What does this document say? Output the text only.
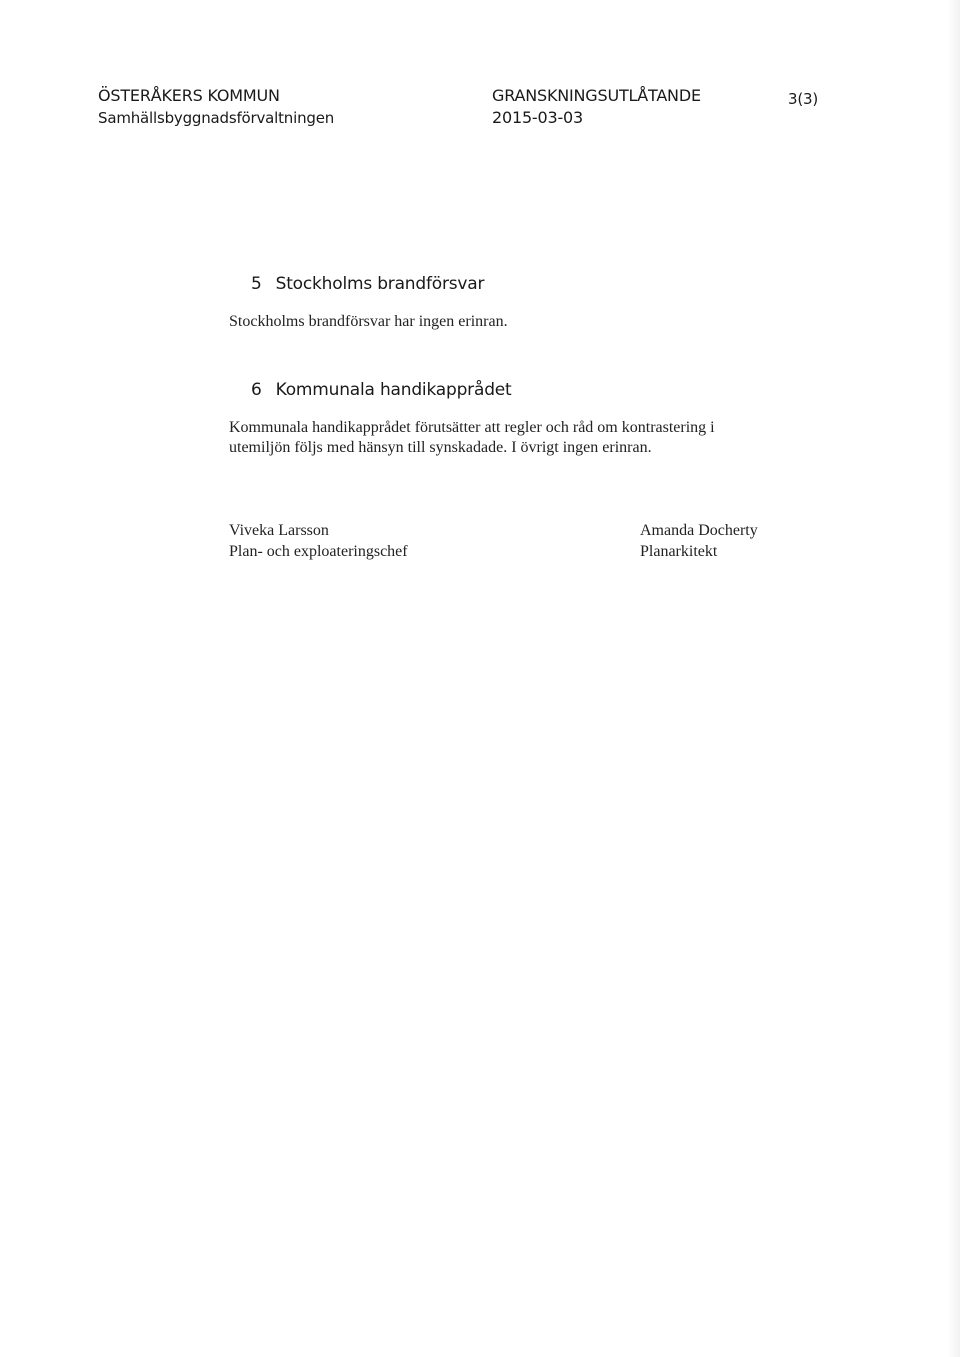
ÖSTERÅKERS KOMMUN
Samhällsbyggnadsförvaltningen
GRANSKNINGSUTLÅTANDE
2015-03-03
3(3)
5 Stockholms brandförsvar
Stockholms brandförsvar har ingen erinran.
6 Kommunala handikapprådet
Kommunala handikapprådet förutsätter att regler och råd om kontrastering i
utemiljön följs med hänsyn till synskadade. I övrigt ingen erinran.
Viveka Larsson
Plan- och exploateringschef
Amanda Docherty
Planarkitekt
